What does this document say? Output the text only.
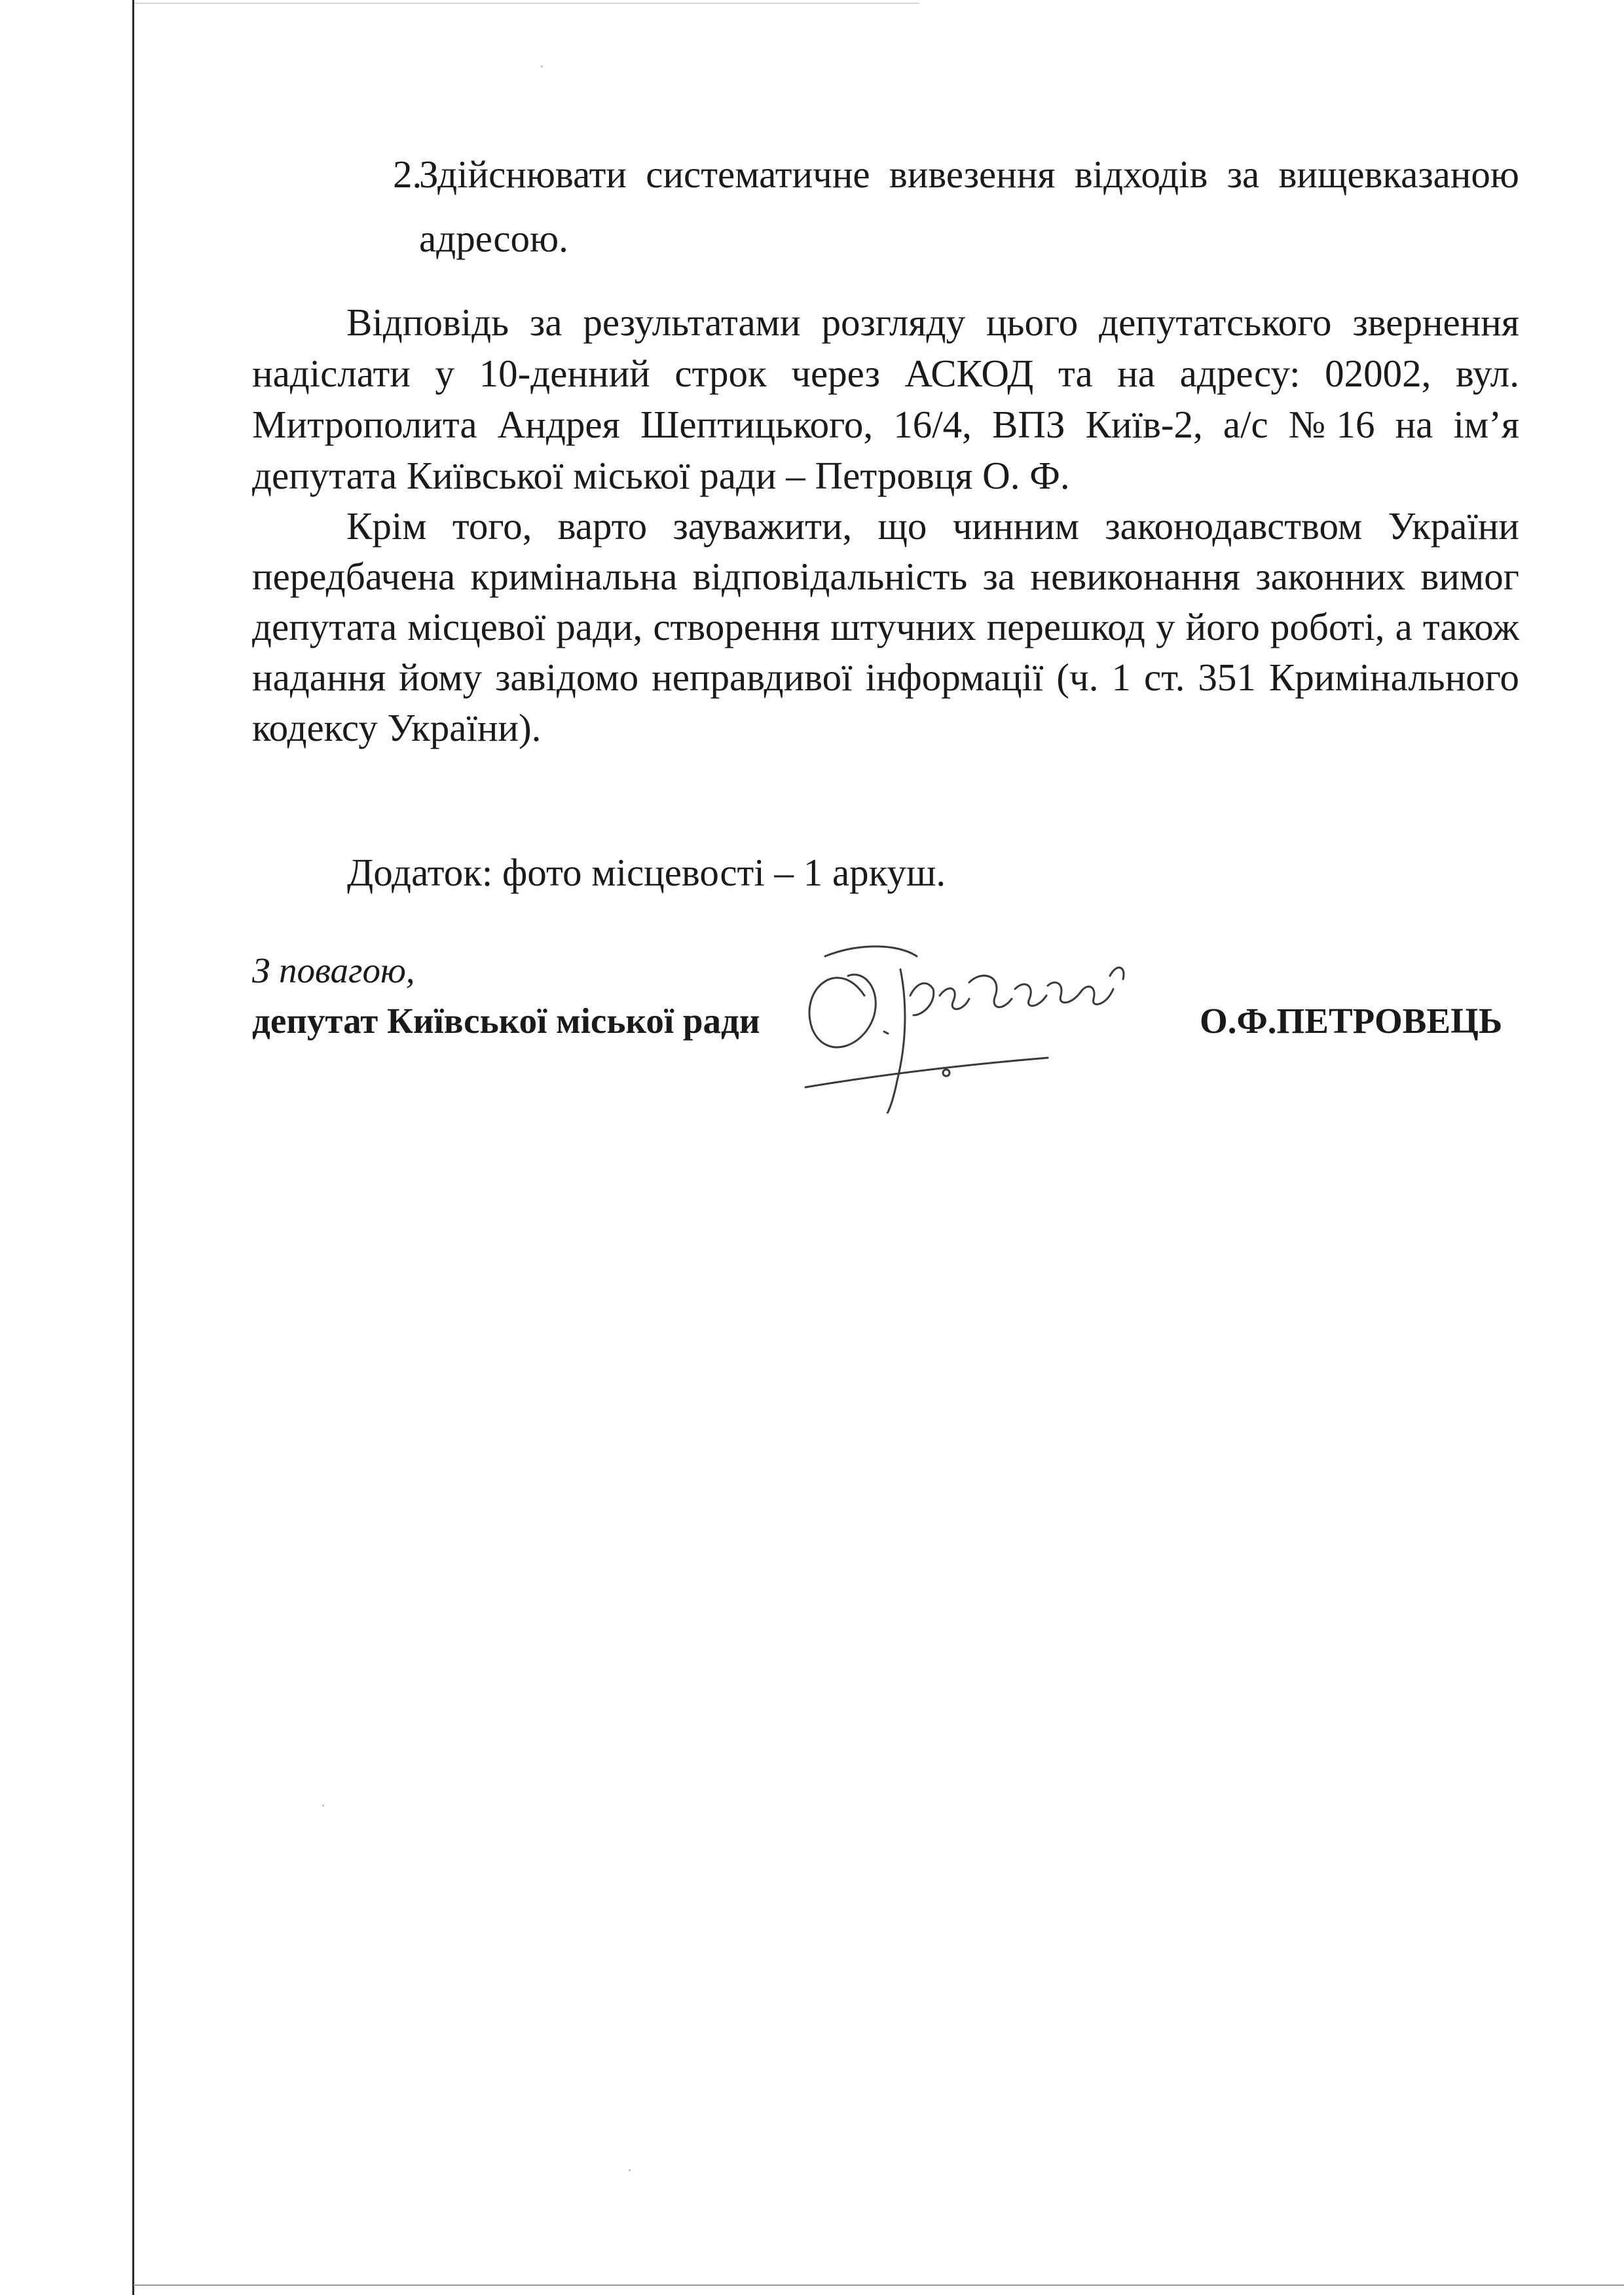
2.

Здійснювати систематичне вивезення відходів за вищевказаною адресою.

Відповідь за результатами розгляду цього депутатського звернення надіслати у 10-денний строк через АСКОД та на адресу: 02002, вул. Митрополита Андрея Шептицького, 16/4, ВПЗ Київ-2, а/с №16 на ім’я депутата Київської міської ради – Петровця О. Ф.

Крім того, варто зауважити, що чинним законодавством України передбачена кримінальна відповідальність за невиконання законних вимог депутата місцевої ради, створення штучних перешкод у його роботі, а також надання йому завідомо неправдивої інформації (ч. 1 ст. 351 Кримінального кодексу України).

Додаток: фото місцевості – 1 аркуш.

З повагою,

депутат Київської міської ради	О.Ф.ПЕТРОВЕЦЬ
